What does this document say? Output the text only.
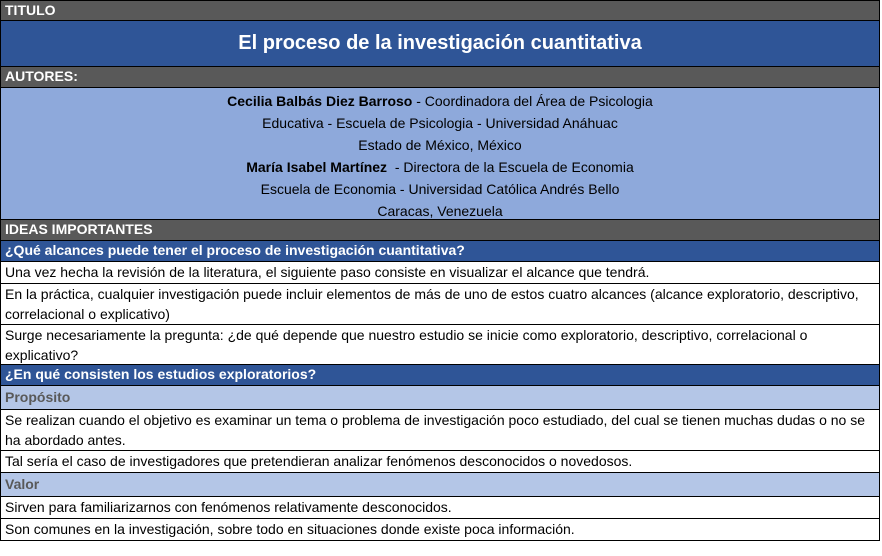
TITULO
El proceso de la investigación cuantitativa
AUTORES:
Cecilia Balbás Diez Barroso - Coordinadora del Área de Psicologia
Educativa - Escuela de Psicologia - Universidad Anáhuac
Estado de México, México
María Isabel Martínez  - Directora de la Escuela de Economia
Escuela de Economia - Universidad Católica Andrés Bello
Caracas, Venezuela
IDEAS IMPORTANTES
¿Qué alcances puede tener el proceso de investigación cuantitativa?
Una vez hecha la revisión de la literatura, el siguiente paso consiste en visualizar el alcance que tendrá.
En la práctica, cualquier investigación puede incluir elementos de más de uno de estos cuatro alcances (alcance exploratorio, descriptivo, correlacional o explicativo)
Surge necesariamente la pregunta: ¿de qué depende que nuestro estudio se inicie como exploratorio, descriptivo, correlacional o explicativo?
¿En qué consisten los estudios exploratorios?
Propósito
Se realizan cuando el objetivo es examinar un tema o problema de investigación poco estudiado, del cual se tienen muchas dudas o no se ha abordado antes.
Tal sería el caso de investigadores que pretendieran analizar fenómenos desconocidos o novedosos.
Valor
Sirven para familiarizarnos con fenómenos relativamente desconocidos.
Son comunes en la investigación, sobre todo en situaciones donde existe poca información.
